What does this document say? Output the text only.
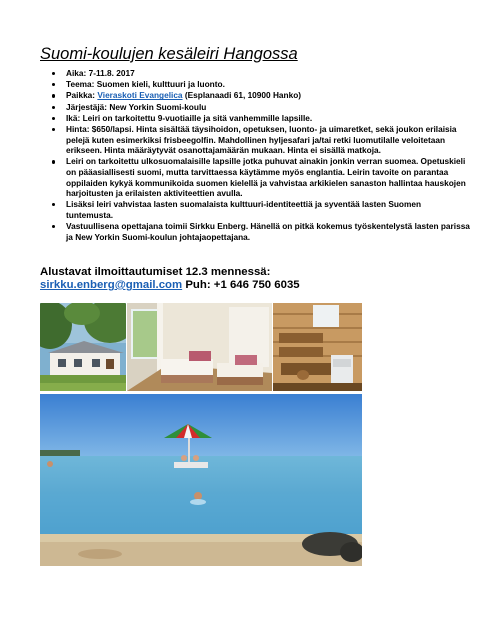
Suomi-koulujen kesäleiri Hangossa
Aika: 7-11.8. 2017
Teema: Suomen kieli, kulttuuri ja luonto.
Paikka: Vieraskoti Evangelica (Esplanaadi 61, 10900 Hanko)
Järjestäjä: New Yorkin Suomi-koulu
Ikä: Leiri on tarkoitettu 9-vuotiaille ja sitä vanhemmille lapsille.
Hinta: $650/lapsi. Hinta sisältää täysihoidon, opetuksen, luonto- ja uimaretket, sekä joukon erilaisia pelejä kuten esimerkiksi frisbeegolfin. Mahdollinen hyljesafari ja/tai retki luomutilalle veloitetaan erikseen. Hinta määräytyvät osanottajamäärän mukaan. Hinta ei sisällä matkoja.
Leiri on tarkoitettu ulkosuomalaisille lapsille jotka puhuvat ainakin jonkin verran suomea. Opetuskieli on pääasiallisesti suomi, mutta tarvittaessa käytämme myös englantia. Leirin tavoite on parantaa oppilaiden kykyä kommunikoida suomen kielellä ja vahvistaa arkikielen sanaston hallintaa hauskojen harjoitusten ja erilaisten aktiviteettien avulla.
Lisäksi leiri vahvistaa lasten suomalaista kulttuuri-identiteettiä ja syventää lasten Suomen tuntemusta.
Vastuullisena opettajana toimii Sirkku Enberg. Hänellä on pitkä kokemus työskentelystä lasten parissa ja New Yorkin Suomi-koulun johtajaopettajana.
Alustavat ilmoittautumiset 12.3 mennessä:
sirkku.enberg@gmail.com Puh: +1 646 750 6035
